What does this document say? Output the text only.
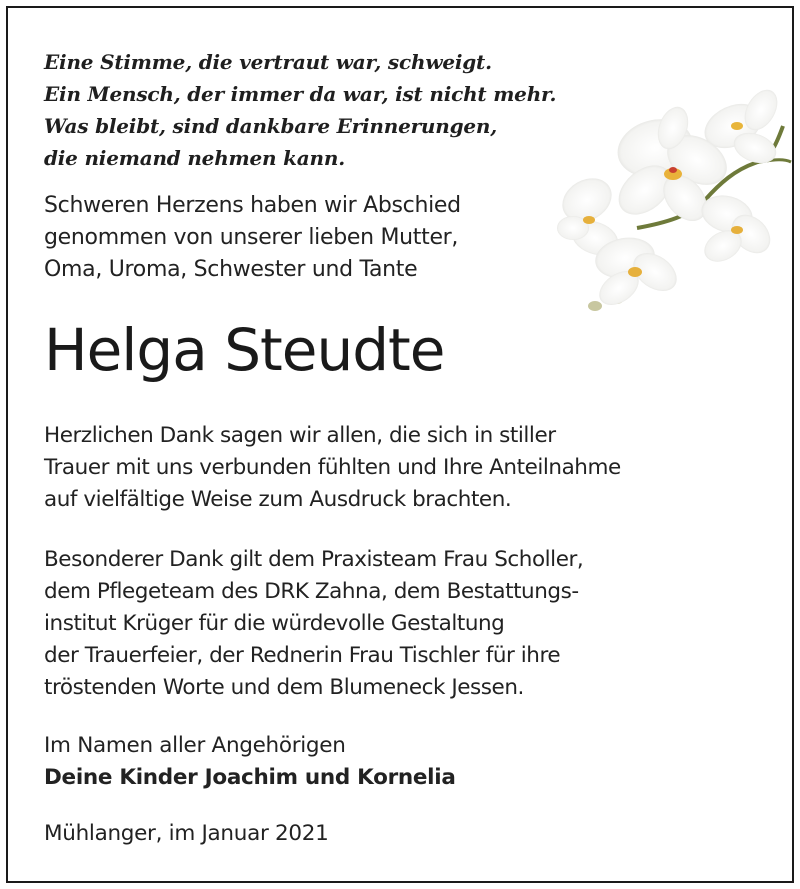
Eine Stimme, die vertraut war, schweigt.
Ein Mensch, der immer da war, ist nicht mehr.
Was bleibt, sind dankbare Erinnerungen,
die niemand nehmen kann.
Schweren Herzens haben wir Abschied
genommen von unserer lieben Mutter,
Oma, Uroma, Schwester und Tante
Helga Steudte
Herzlichen Dank sagen wir allen, die sich in stiller
Trauer mit uns verbunden fühlten und Ihre Anteilnahme
auf vielfältige Weise zum Ausdruck brachten.
Besonderer Dank gilt dem Praxisteam Frau Scholler,
dem Pflegeteam des DRK Zahna, dem Bestattungs-
institut Krüger für die würdevolle Gestaltung
der Trauerfeier, der Rednerin Frau Tischler für ihre
tröstenden Worte und dem Blumeneck Jessen.
Im Namen aller Angehörigen
Deine Kinder Joachim und Kornelia
Mühlanger, im Januar 2021
